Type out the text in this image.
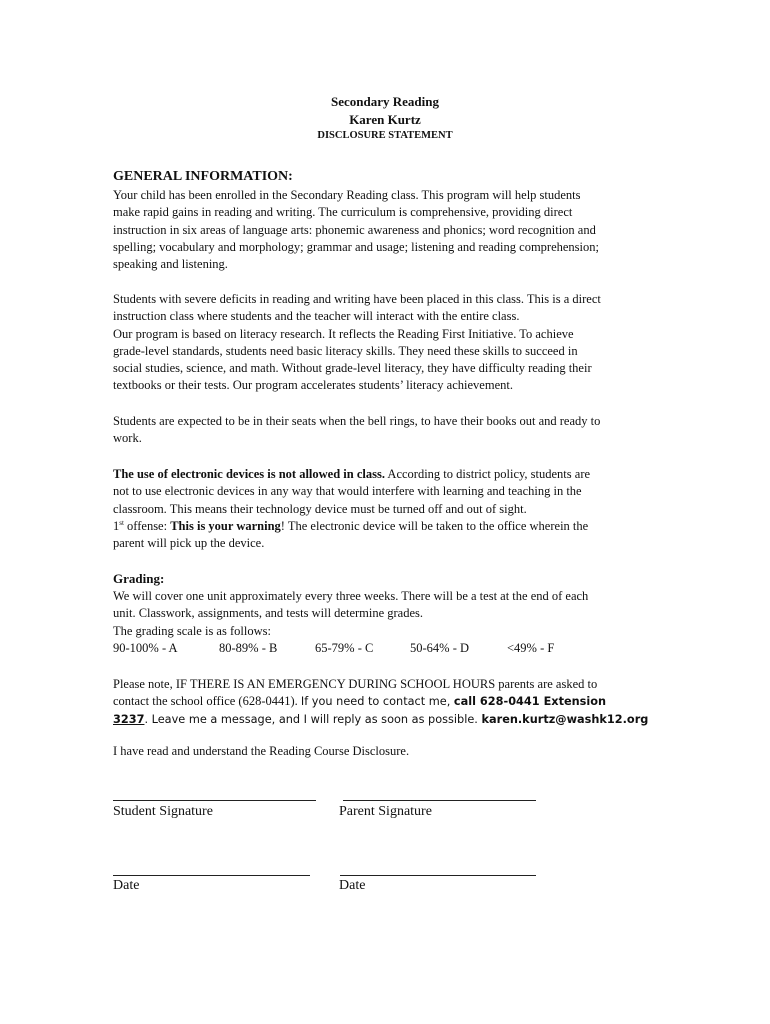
Secondary Reading
Karen Kurtz
DISCLOSURE STATEMENT
GENERAL INFORMATION:
Your child has been enrolled in the Secondary Reading class. This program will help students
make rapid gains in reading and writing. The curriculum is comprehensive, providing direct
instruction in six areas of language arts: phonemic awareness and phonics; word recognition and
spelling; vocabulary and morphology; grammar and usage; listening and reading comprehension;
speaking and listening.
Students with severe deficits in reading and writing have been placed in this class. This is a direct
instruction class where students and the teacher will interact with the entire class.
Our program is based on literacy research. It reflects the Reading First Initiative. To achieve
grade-level standards, students need basic literacy skills. They need these skills to succeed in
social studies, science, and math. Without grade-level literacy, they have difficulty reading their
textbooks or their tests. Our program accelerates students’ literacy achievement.
Students are expected to be in their seats when the bell rings, to have their books out and ready to
work.
The use of electronic devices is not allowed in class. According to district policy, students are
not to use electronic devices in any way that would interfere with learning and teaching in the
classroom. This means their technology device must be turned off and out of sight.
1st offense: This is your warning! The electronic device will be taken to the office wherein the
parent will pick up the device.
Grading:
We will cover one unit approximately every three weeks. There will be a test at the end of each
unit. Classwork, assignments, and tests will determine grades.
The grading scale is as follows:
90-100% - A	80-89% - B	65-79% - C	50-64% - D	<49% - F
Please note, IF THERE IS AN EMERGENCY DURING SCHOOL HOURS parents are asked to
contact the school office (628-0441). If you need to contact me, call 628-0441 Extension
3237. Leave me a message, and I will reply as soon as possible. karen.kurtz@washk12.org
I have read and understand the Reading Course Disclosure.
Student Signature	Parent Signature
Date	Date
